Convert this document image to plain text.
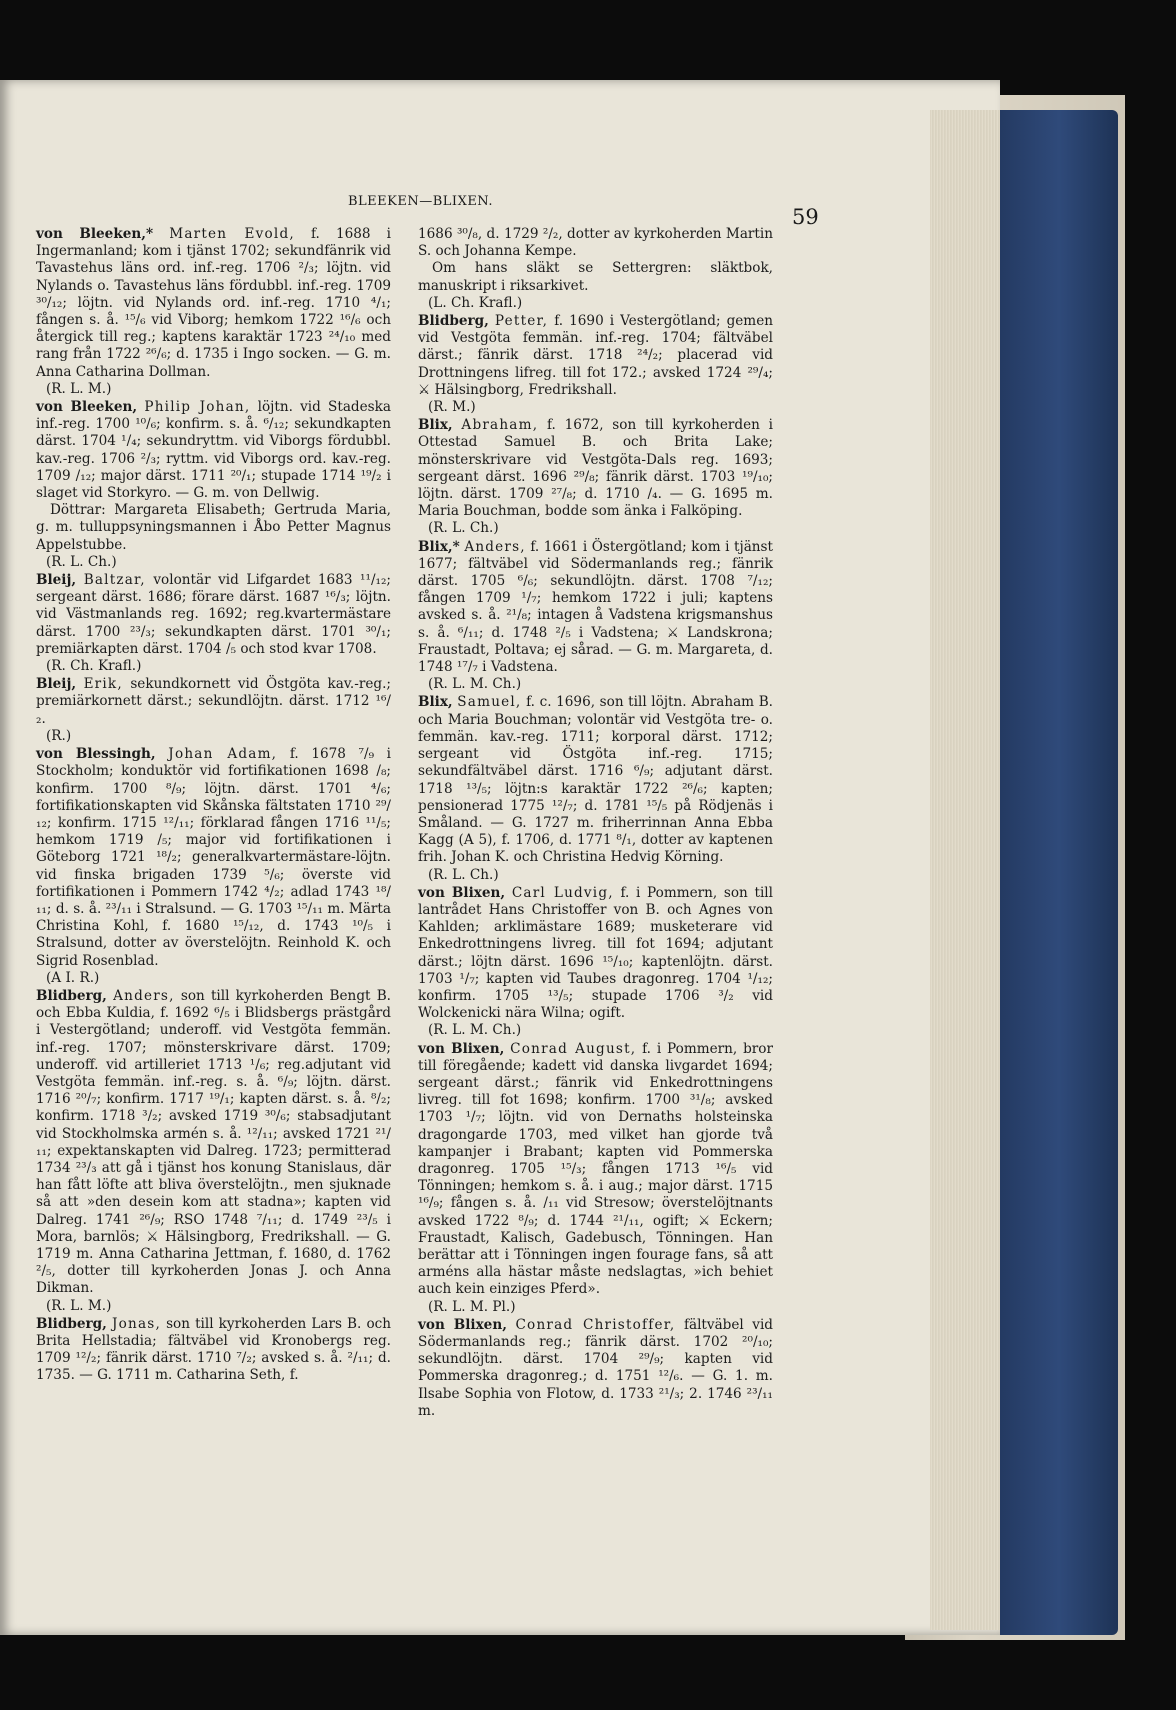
BLEEKEN—BLIXEN.
59

von Bleeken,* Marten Evold, f. 1688 i Ingermanland; kom i tjänst 1702; sekundfänrik vid Tavastehus läns ord. inf.-reg. 1706 ²/₃; löjtn. vid Nylands o. Tavastehus läns fördubbl. inf.-reg. 1709 ³⁰/₁₂; löjtn. vid Nylands ord. inf.-reg. 1710 ⁴/₁; fången s. å. ¹⁵/₆ vid Viborg; hemkom 1722 ¹⁶/₆ och återgick till reg.; kaptens karaktär 1723 ²⁴/₁₀ med rang från 1722 ²⁶/₆; d. 1735 i Ingo socken. — G. m. Anna Catharina Dollman.

(R. L. M.)

von Bleeken, Philip Johan, löjtn. vid Stadeska inf.-reg. 1700 ¹⁰/₆; konfirm. s. å. ⁶/₁₂; sekundkapten därst. 1704 ¹/₄; sekundryttm. vid Viborgs fördubbl. kav.-reg. 1706 ²/₃; ryttm. vid Viborgs ord. kav.-reg. 1709 /₁₂; major därst. 1711 ²⁰/₁; stupade 1714 ¹⁹/₂ i slaget vid Storkyro. — G. m. von Dellwig.

Döttrar: Margareta Elisabeth; Gertruda Maria, g. m. tulluppsyningsmannen i Åbo Petter Magnus Appelstubbe.

(R. L. Ch.)

Bleij, Baltzar, volontär vid Lifgardet 1683 ¹¹/₁₂; sergeant därst. 1686; förare därst. 1687 ¹⁶/₃; löjtn. vid Västmanlands reg. 1692; reg.kvartermästare därst. 1700 ²³/₃; sekundkapten därst. 1701 ³⁰/₁; premiärkapten därst. 1704 /₅ och stod kvar 1708.

(R. Ch. Krafl.)

Bleij, Erik, sekundkornett vid Östgöta kav.-reg.; premiärkornett därst.; sekundlöjtn. därst. 1712 ¹⁶/₂.

(R.)

von Blessingh, Johan Adam, f. 1678 ⁷/₉ i Stockholm; konduktör vid fortifikationen 1698 /₈; konfirm. 1700 ⁸/₉; löjtn. därst. 1701 ⁴/₆; fortifikationskapten vid Skånska fältstaten 1710 ²⁹/₁₂; konfirm. 1715 ¹²/₁₁; förklarad fången 1716 ¹¹/₅; hemkom 1719 /₅; major vid fortifikationen i Göteborg 1721 ¹⁸/₂; generalkvartermästare-löjtn. vid finska brigaden 1739 ⁵/₆; överste vid fortifikationen i Pommern 1742 ⁴/₂; adlad 1743 ¹⁸/₁₁; d. s. å. ²³/₁₁ i Stralsund. — G. 1703 ¹⁵/₁₁ m. Märta Christina Kohl, f. 1680 ¹⁵/₁₂, d. 1743 ¹⁰/₅ i Stralsund, dotter av överstelöjtn. Reinhold K. och Sigrid Rosenblad.

(A I. R.)

Blidberg, Anders, son till kyrkoherden Bengt B. och Ebba Kuldia, f. 1692 ⁶/₅ i Blidsbergs prästgård i Vestergötland; underoff. vid Vestgöta femmän. inf.-reg. 1707; mönsterskrivare därst. 1709; underoff. vid artilleriet 1713 ¹/₆; reg.adjutant vid Vestgöta femmän. inf.-reg. s. å. ⁶/₉; löjtn. därst. 1716 ²⁰/₇; konfirm. 1717 ¹⁹/₁; kapten därst. s. å. ⁸/₂; konfirm. 1718 ³/₂; avsked 1719 ³⁰/₆; stabsadjutant vid Stockholmska armén s. å. ¹²/₁₁; avsked 1721 ²¹/₁₁; expektanskapten vid Dalreg. 1723; permitterad 1734 ²³/₃ att gå i tjänst hos konung Stanislaus, där han fått löfte att bliva överstelöjtn., men sjuknade så att »den desein kom att stadna»; kapten vid Dalreg. 1741 ²⁶/₉; RSO 1748 ⁷/₁₁; d. 1749 ²³/₅ i Mora, barnlös; ⚔ Hälsingborg, Fredrikshall. — G. 1719 m. Anna Catharina Jettman, f. 1680, d. 1762 ²/₅, dotter till kyrkoherden Jonas J. och Anna Dikman.

(R. L. M.)

Blidberg, Jonas, son till kyrkoherden Lars B. och Brita Hellstadia; fältväbel vid Kronobergs reg. 1709 ¹²/₂; fänrik därst. 1710 ⁷/₂; avsked s. å. ²/₁₁; d. 1735. — G. 1711 m. Catharina Seth, f.

1686 ³⁰/₈, d. 1729 ²/₂, dotter av kyrkoherden Martin S. och Johanna Kempe.

Om hans släkt se Settergren: släktbok, manuskript i riksarkivet.

(L. Ch. Krafl.)

Blidberg, Petter, f. 1690 i Vestergötland; gemen vid Vestgöta femmän. inf.-reg. 1704; fältväbel därst.; fänrik därst. 1718 ²⁴/₂; placerad vid Drottningens lifreg. till fot 172.; avsked 1724 ²⁹/₄; ⚔ Hälsingborg, Fredrikshall.

(R. M.)

Blix, Abraham, f. 1672, son till kyrkoherden i Ottestad Samuel B. och Brita Lake; mönsterskrivare vid Vestgöta-Dals reg. 1693; sergeant därst. 1696 ²⁹/₈; fänrik därst. 1703 ¹⁹/₁₀; löjtn. därst. 1709 ²⁷/₈; d. 1710 /₄. — G. 1695 m. Maria Bouchman, bodde som änka i Falköping.

(R. L. Ch.)

Blix,* Anders, f. 1661 i Östergötland; kom i tjänst 1677; fältväbel vid Södermanlands reg.; fänrik därst. 1705 ⁶/₆; sekundlöjtn. därst. 1708 ⁷/₁₂; fången 1709 ¹/₇; hemkom 1722 i juli; kaptens avsked s. å. ²¹/₈; intagen å Vadstena krigsmanshus s. å. ⁶/₁₁; d. 1748 ²/₅ i Vadstena; ⚔ Landskrona; Fraustadt, Poltava; ej sårad. — G. m. Margareta, d. 1748 ¹⁷/₇ i Vadstena.

(R. L. M. Ch.)

Blix, Samuel, f. c. 1696, son till löjtn. Abraham B. och Maria Bouchman; volontär vid Vestgöta tre- o. femmän. kav.-reg. 1711; korporal därst. 1712; sergeant vid Östgöta inf.-reg. 1715; sekundfältväbel därst. 1716 ⁶/₉; adjutant därst. 1718 ¹³/₅; löjtn:s karaktär 1722 ²⁶/₆; kapten; pensionerad 1775 ¹²/₇; d. 1781 ¹⁵/₅ på Rödjenäs i Småland. — G. 1727 m. friherrinnan Anna Ebba Kagg (A 5), f. 1706, d. 1771 ⁸/₁, dotter av kaptenen frih. Johan K. och Christina Hedvig Körning.

(R. L. Ch.)

von Blixen, Carl Ludvig, f. i Pommern, son till lantrådet Hans Christoffer von B. och Agnes von Kahlden; arklimästare 1689; musketerare vid Enkedrottningens livreg. till fot 1694; adjutant därst.; löjtn därst. 1696 ¹⁵/₁₀; kaptenlöjtn. därst. 1703 ¹/₇; kapten vid Taubes dragonreg. 1704 ¹/₁₂; konfirm. 1705 ¹³/₅; stupade 1706 ³/₂ vid Wolckenicki nära Wilna; ogift.

(R. L. M. Ch.)

von Blixen, Conrad August, f. i Pommern, bror till föregående; kadett vid danska livgardet 1694; sergeant därst.; fänrik vid Enkedrottningens livreg. till fot 1698; konfirm. 1700 ³¹/₈; avsked 1703 ¹/₇; löjtn. vid von Dernaths holsteinska dragongarde 1703, med vilket han gjorde två kampanjer i Brabant; kapten vid Pommerska dragonreg. 1705 ¹⁵/₃; fången 1713 ¹⁶/₅ vid Tönningen; hemkom s. å. i aug.; major därst. 1715 ¹⁶/₉; fången s. å. /₁₁ vid Stresow; överstelöjtnants avsked 1722 ⁸/₉; d. 1744 ²¹/₁₁, ogift; ⚔ Eckern; Fraustadt, Kalisch, Gadebusch, Tönningen. Han berättar att i Tönningen ingen fourage fans, så att arméns alla hästar måste nedslagtas, »ich behiet auch kein einziges Pferd».

(R. L. M. Pl.)

von Blixen, Conrad Christoffer, fältväbel vid Södermanlands reg.; fänrik därst. 1702 ²⁰/₁₀; sekundlöjtn. därst. 1704 ²⁹/₉; kapten vid Pommerska dragonreg.; d. 1751 ¹²/₆. — G. 1. m. Ilsabe Sophia von Flotow, d. 1733 ²¹/₃; 2. 1746 ²³/₁₁ m.
